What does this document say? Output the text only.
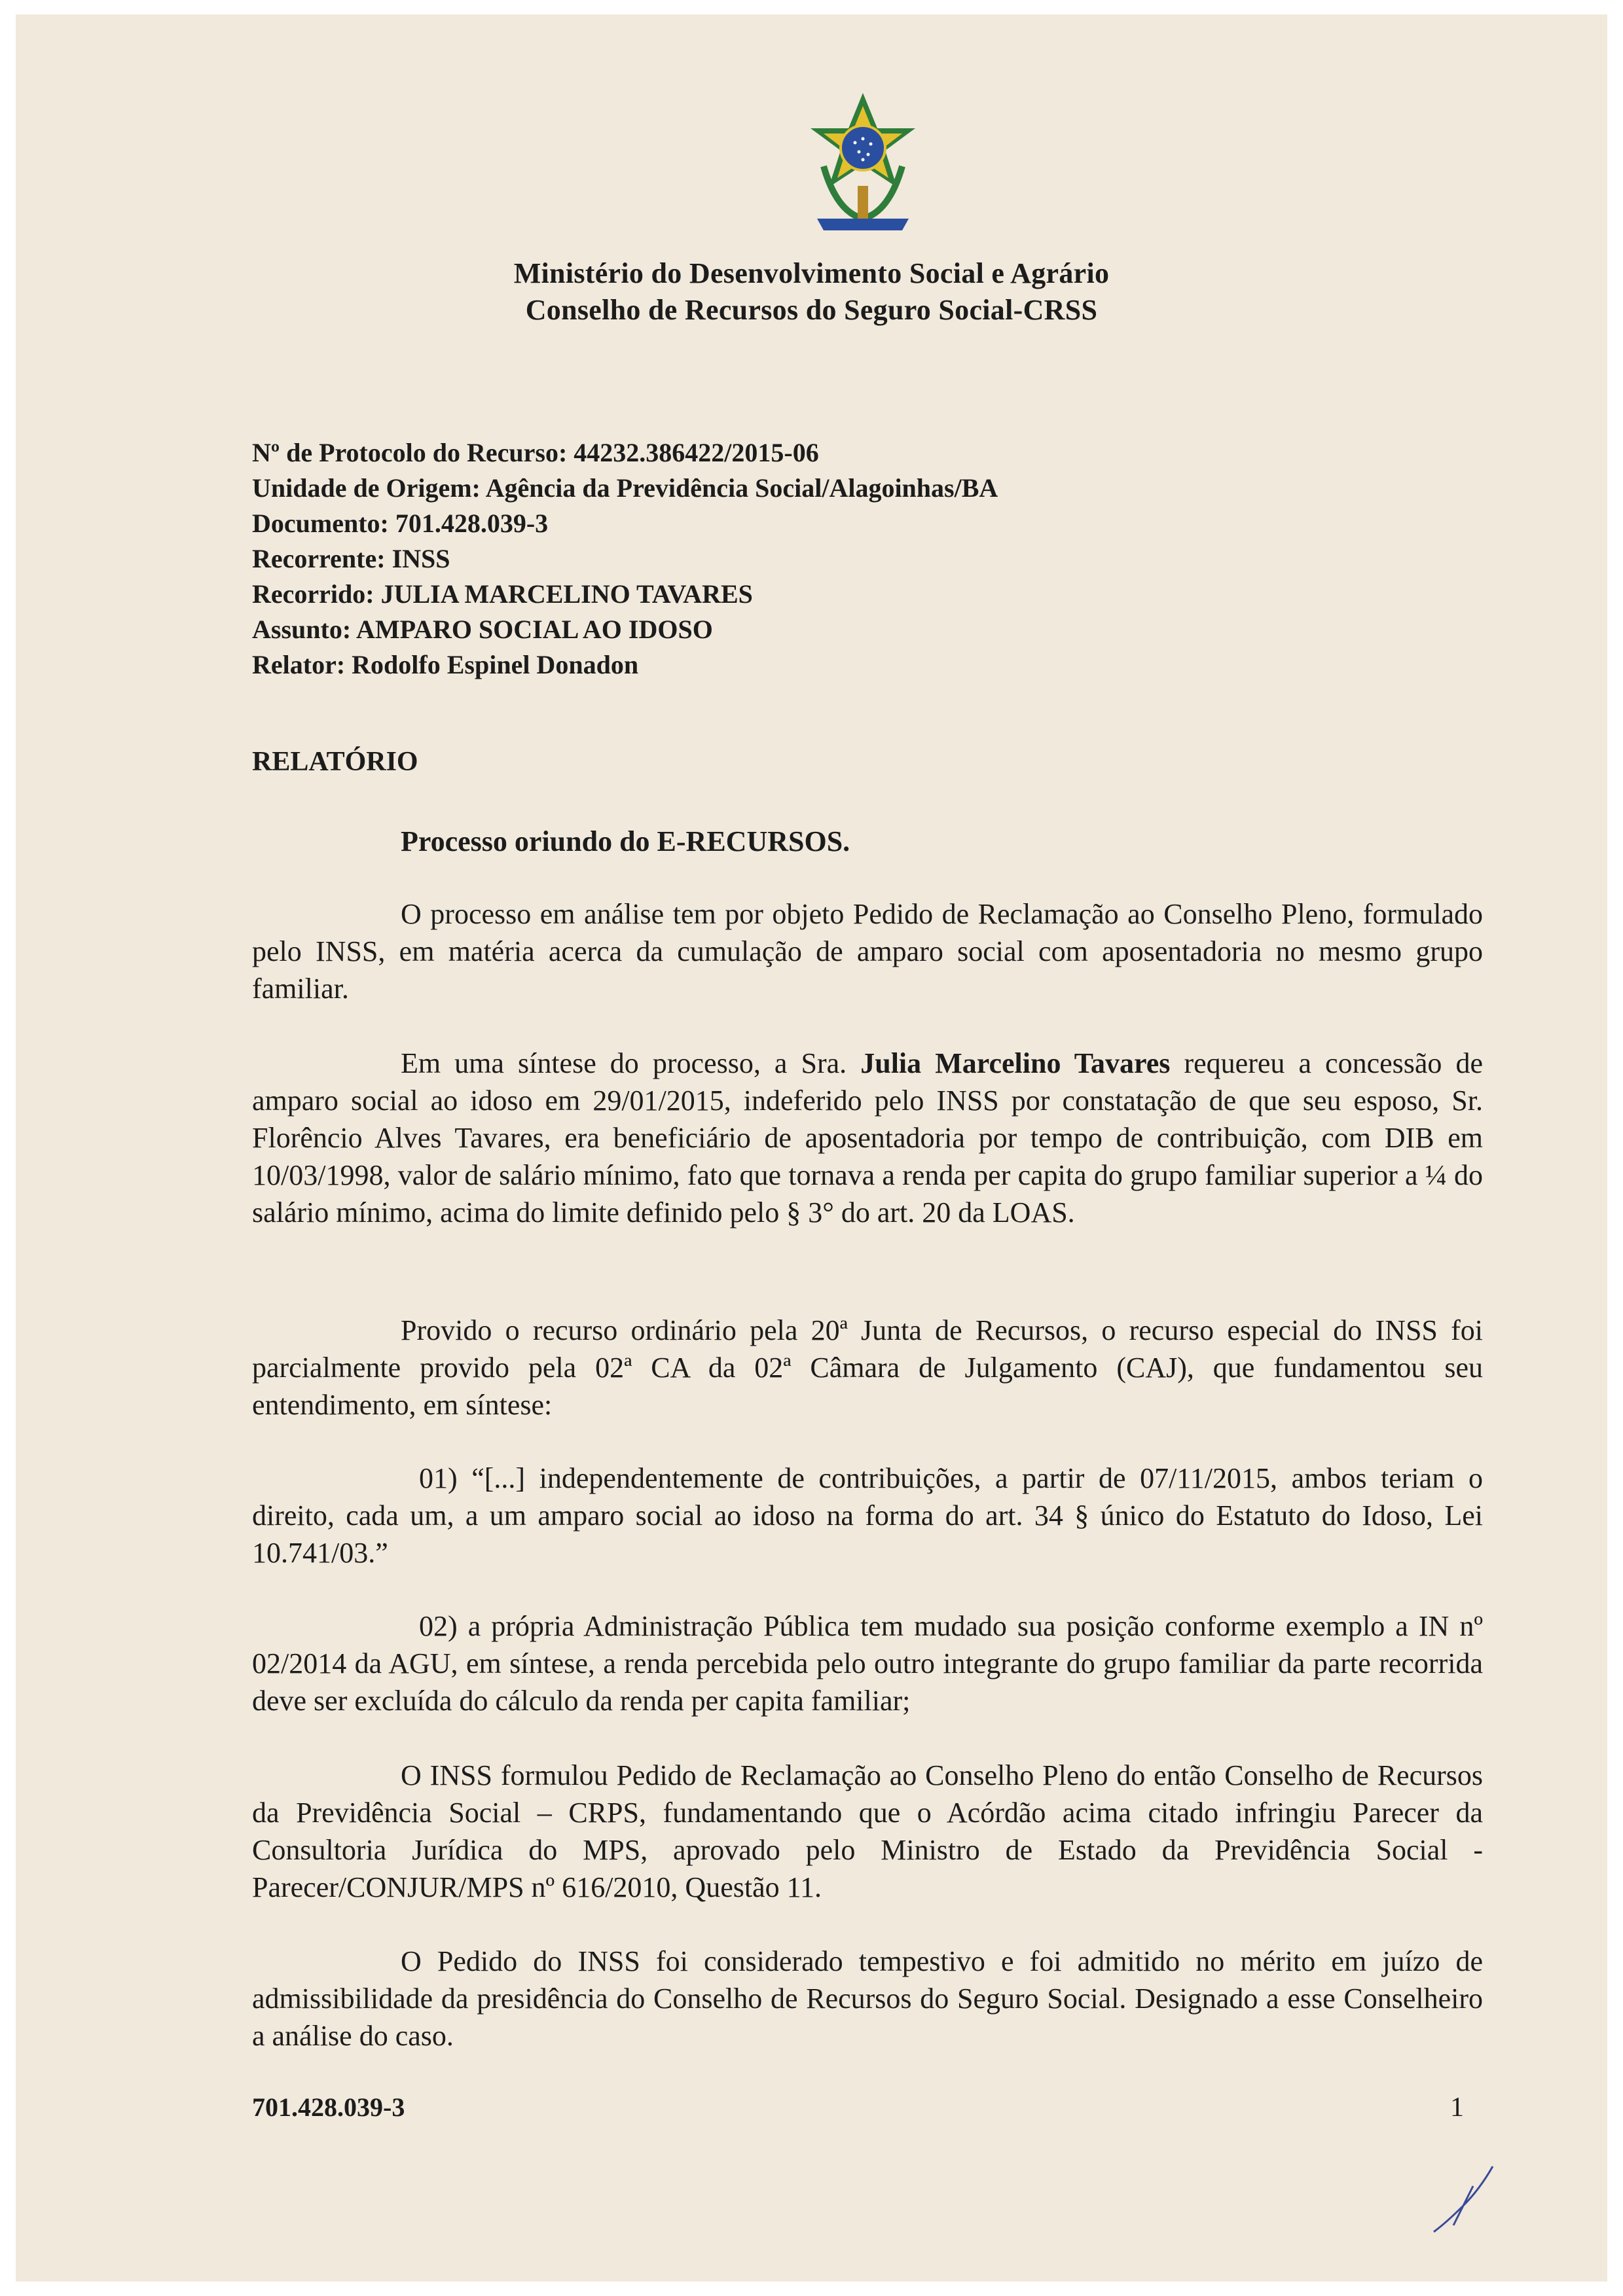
Ministério do Desenvolvimento Social e Agrário
Conselho de Recursos do Seguro Social-CRSS
Nº de Protocolo do Recurso: 44232.386422/2015-06
Unidade de Origem: Agência da Previdência Social/Alagoinhas/BA
Documento: 701.428.039-3
Recorrente: INSS
Recorrido: JULIA MARCELINO TAVARES
Assunto: AMPARO SOCIAL AO IDOSO
Relator: Rodolfo Espinel Donadon
RELATÓRIO
Processo oriundo do E-RECURSOS.
O processo em análise tem por objeto Pedido de Reclamação ao Conselho Pleno, formulado pelo INSS, em matéria acerca da cumulação de amparo social com aposentadoria no mesmo grupo familiar.
Em uma síntese do processo, a Sra. Julia Marcelino Tavares requereu a concessão de amparo social ao idoso em 29/01/2015, indeferido pelo INSS por constatação de que seu esposo, Sr. Florêncio Alves Tavares, era beneficiário de aposentadoria por tempo de contribuição, com DIB em 10/03/1998, valor de salário mínimo, fato que tornava a renda per capita do grupo familiar superior a ¼ do salário mínimo, acima do limite definido pelo § 3° do art. 20 da LOAS.
Provido o recurso ordinário pela 20ª Junta de Recursos, o recurso especial do INSS foi parcialmente provido pela 02ª CA da 02ª Câmara de Julgamento (CAJ), que fundamentou seu entendimento, em síntese:
01) “[...] independentemente de contribuições, a partir de 07/11/2015, ambos teriam o direito, cada um, a um amparo social ao idoso na forma do art. 34 § único do Estatuto do Idoso, Lei 10.741/03.”
02) a própria Administração Pública tem mudado sua posição conforme exemplo a IN nº 02/2014 da AGU, em síntese, a renda percebida pelo outro integrante do grupo familiar da parte recorrida deve ser excluída do cálculo da renda per capita familiar;
O INSS formulou Pedido de Reclamação ao Conselho Pleno do então Conselho de Recursos da Previdência Social – CRPS, fundamentando que o Acórdão acima citado infringiu Parecer da Consultoria Jurídica do MPS, aprovado pelo Ministro de Estado da Previdência Social - Parecer/CONJUR/MPS nº 616/2010, Questão 11.
O Pedido do INSS foi considerado tempestivo e foi admitido no mérito em juízo de admissibilidade da presidência do Conselho de Recursos do Seguro Social. Designado a esse Conselheiro a análise do caso.
701.428.039-3	1
